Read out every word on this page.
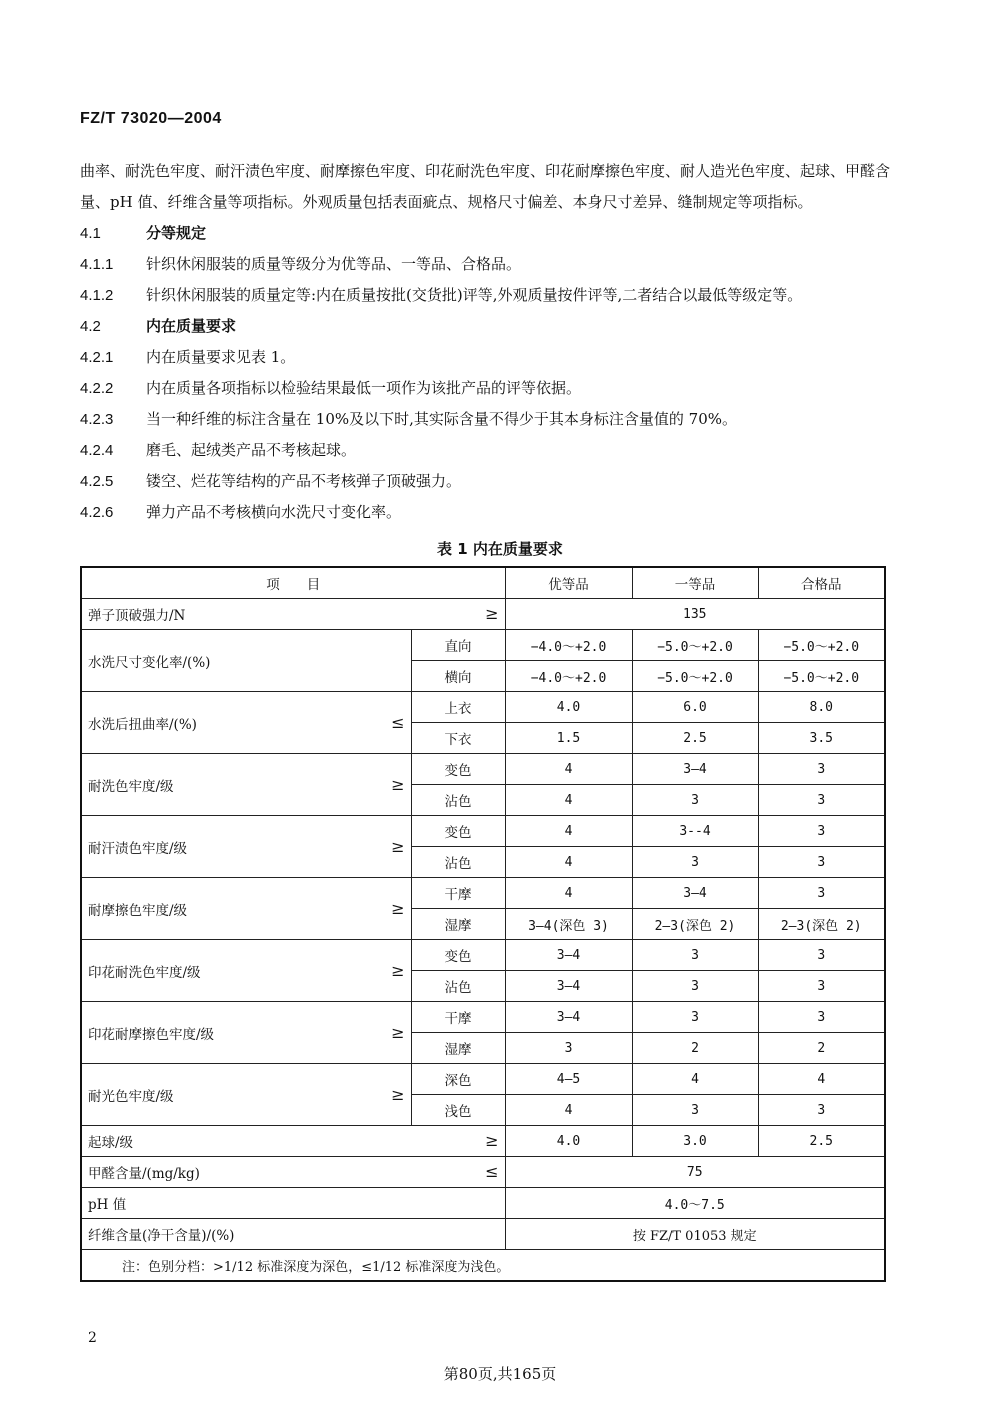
FZ/T 73020—2004

曲率、耐洗色牢度、耐汗渍色牢度、耐摩擦色牢度、印花耐洗色牢度、印花耐摩擦色牢度、耐人造光色牢度、起球、甲醛含量、pH 值、纤维含量等项指标。外观质量包括表面疵点、规格尺寸偏差、本身尺寸差异、缝制规定等项指标。

4.1	分等规定
4.1.1	针织休闲服装的质量等级分为优等品、一等品、合格品。
4.1.2 针织休闲服装的质量定等:内在质量按批(交货批)评等,外观质量按件评等,二者结合以最低等级定等。
4.2	内在质量要求
4.2.1	内在质量要求见表 1。
4.2.2	内在质量各项指标以检验结果最低一项作为该批产品的评等依据。
4.2.3	当一种纤维的标注含量在 10%及以下时,其实际含量不得少于其本身标注含量值的 70%。
4.2.4	磨毛、起绒类产品不考核起球。
4.2.5	镂空、烂花等结构的产品不考核弹子顶破强力。
4.2.6	弹力产品不考核横向水洗尺寸变化率。
表 1 内在质量要求
项　　目		优等品	一等品	合格品
弹子顶破强力/N ≥		135		
水洗尺寸变化率/(%)	直向	−4.0～+2.0	−5.0～+2.0	−5.0～+2.0
	横向	−4.0～+2.0	−5.0～+2.0	−5.0～+2.0
水洗后扭曲率/(%) ≤	上衣	4.0	6.0	8.0
	下衣	1.5	2.5	3.5
耐洗色牢度/级 ≥	变色	4	3—4	3
	沾色	4	3	3
耐汗渍色牢度/级 ≥	变色	4	3--4	3
	沾色	4	3	3
耐摩擦色牢度/级 ≥	干摩	4	3—4	3
	湿摩	3—4(深色 3)	2—3(深色 2)	2—3(深色 2)
印花耐洗色牢度/级 ≥	变色	3—4	3	3
	沾色	3—4	3	3
印花耐摩擦色牢度/级 ≥	干摩	3—4	3	3
	湿摩	3	2	2
耐光色牢度/级 ≥	深色	4—5	4	4
	浅色	4	3	3
起球/级 ≥		4.0	3.0	2.5
甲醛含量/(mg/kg) ≤		75		
pH 值		4.0～7.5		
纤维含量(净干含量)/(%)		按 FZ/T 01053 规定		
注：色别分档：>1/12 标准深度为深色，≤1/12 标准深度为浅色。				
2
第80页,共165页
